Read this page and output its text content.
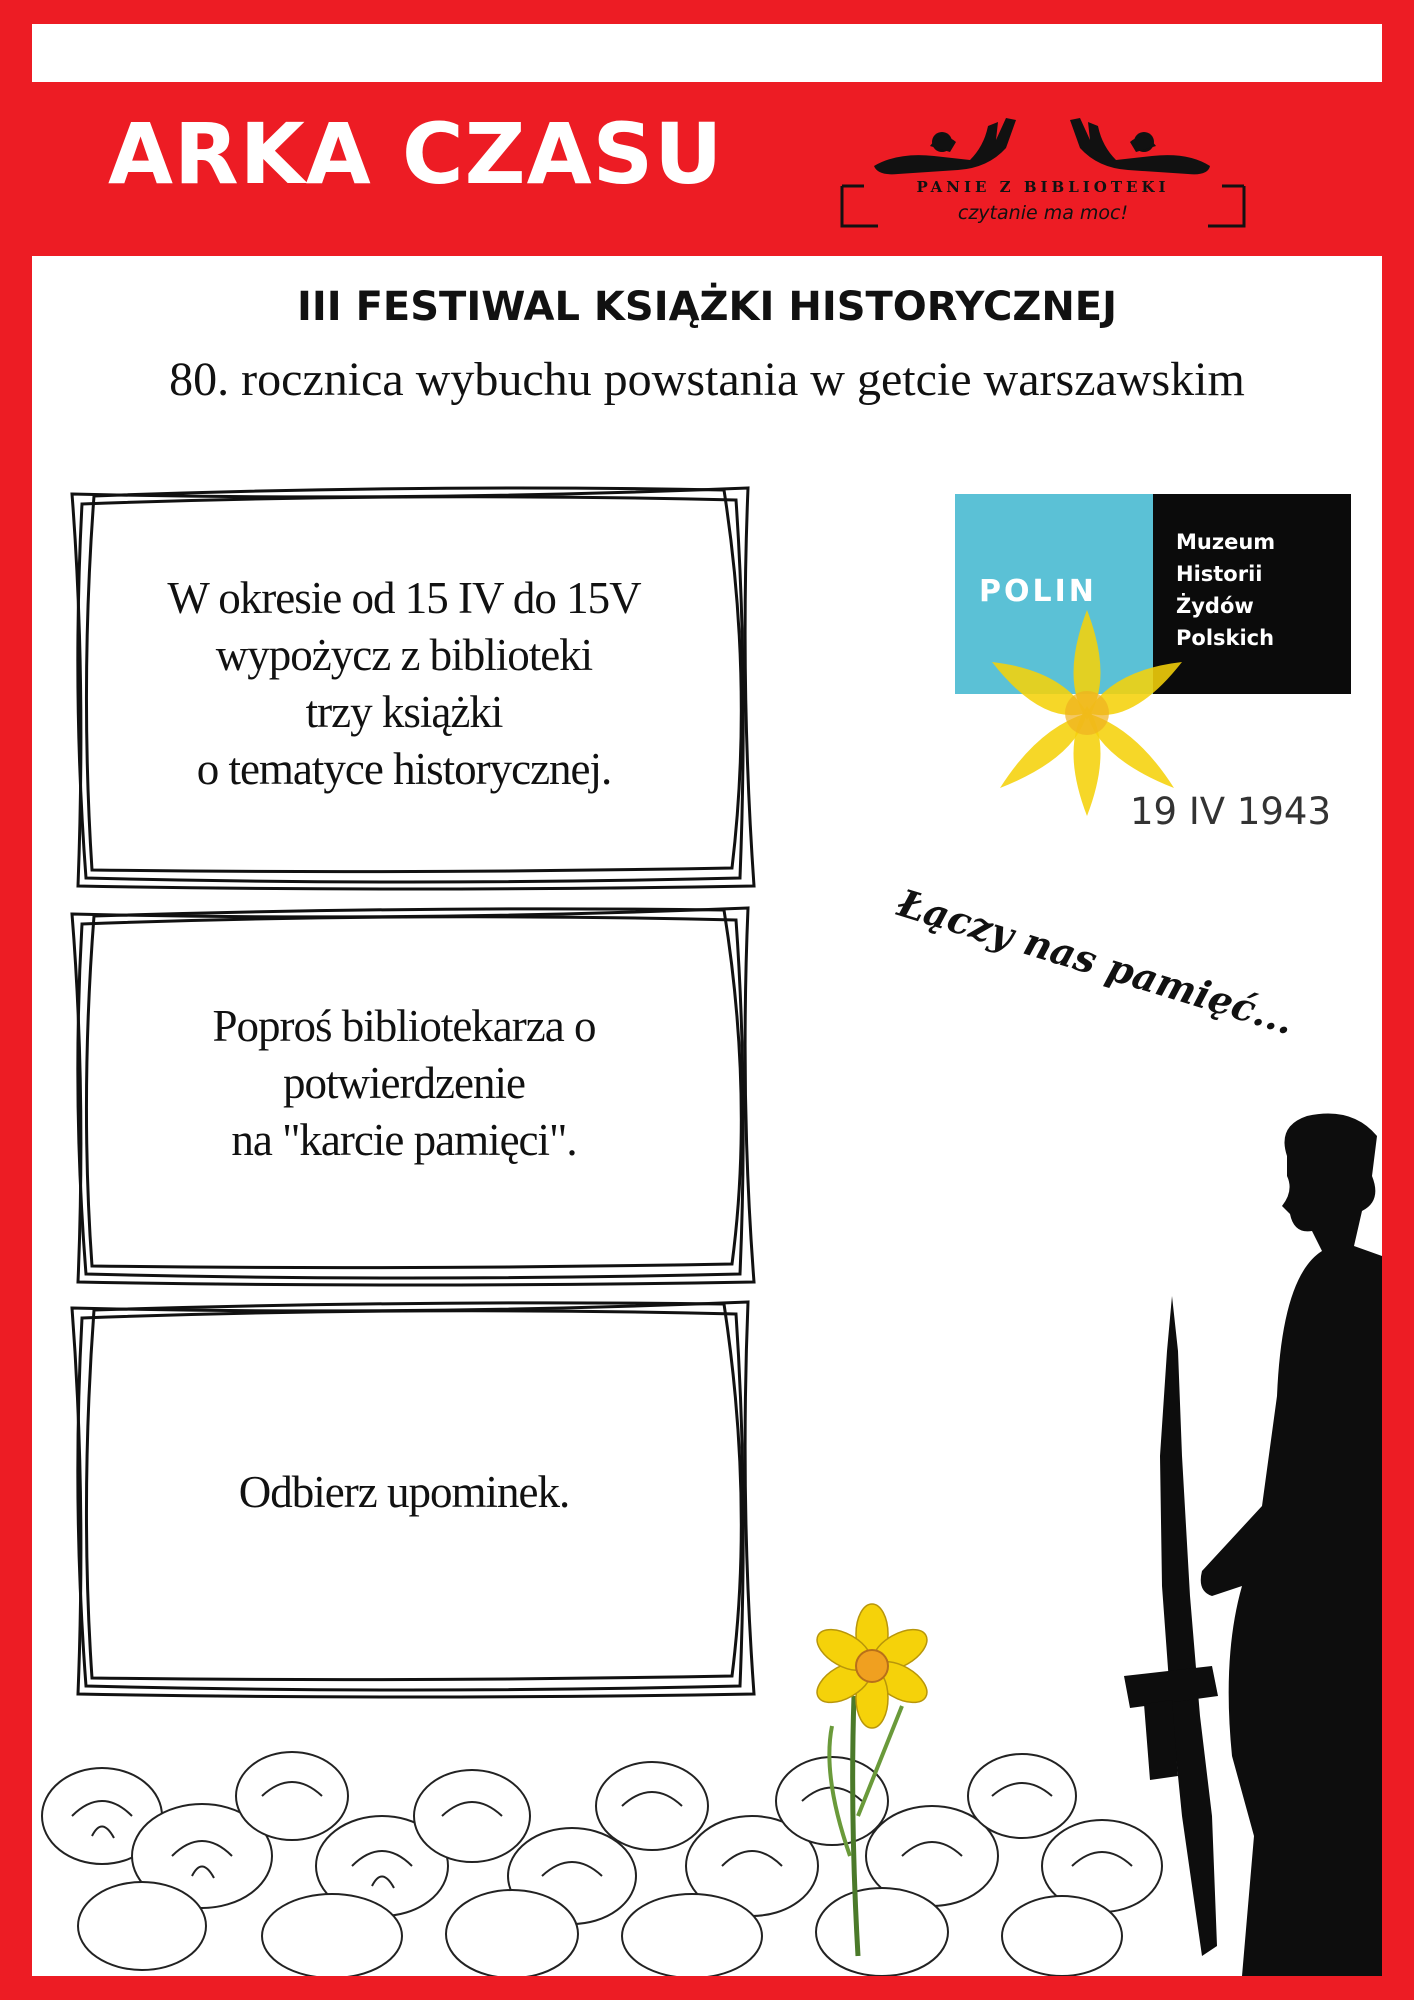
ARKA CZASU	PANIE Z BIBLIOTEKI
czytanie ma moc!
III FESTIWAL KSIĄŻKI HISTORYCZNEJ

80. rocznica wybuchu powstania w getcie warszawskim

W okresie od 15 IV do 15V
wypożycz z biblioteki
trzy książki
o tematyce historycznej.
Poproś bibliotekarza o
potwierdzenie
na "karcie pamięci".
Odbierz upominek.
POLIN
Muzeum
Historii
Żydów
Polskich
19 IV 1943
Łączy nas pamięć...
